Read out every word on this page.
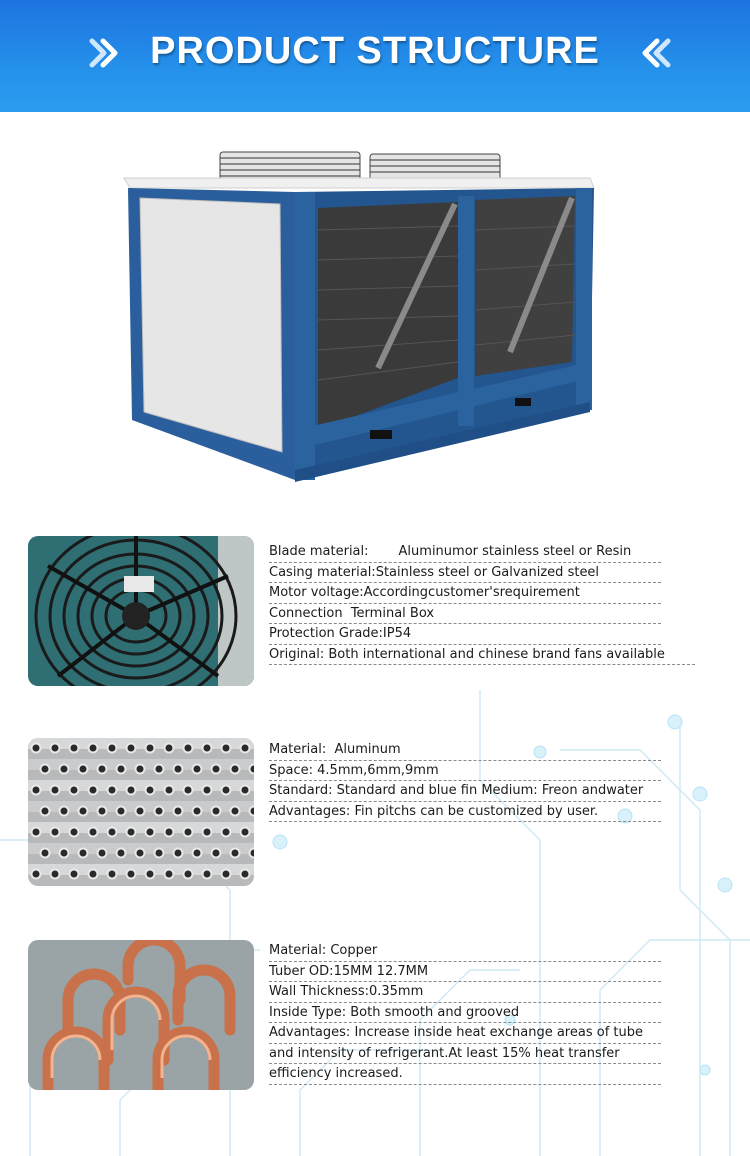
PRODUCT STRUCTURE
Blade material: Aluminumor stainless steel or Resin
Casing material:Stainless steel or Galvanized steel
Motor voltage:Accordingcustomer'srequirement
Connection Terminal Box
Protection Grade:IP54
Original: Both international and chinese brand fans available
Material: Aluminum
Space: 4.5mm,6mm,9mm
Standard: Standard and blue fin Medium: Freon andwater
Advantages: Fin pitchs can be customized by user.
Material: Copper
Tuber OD:15MM 12.7MM
Wall Thickness:0.35mm
Inside Type: Both smooth and grooved
Advantages: Increase inside heat exchange areas of tube
and intensity of refrigerant.At least 15% heat transfer
efficiency increased.
